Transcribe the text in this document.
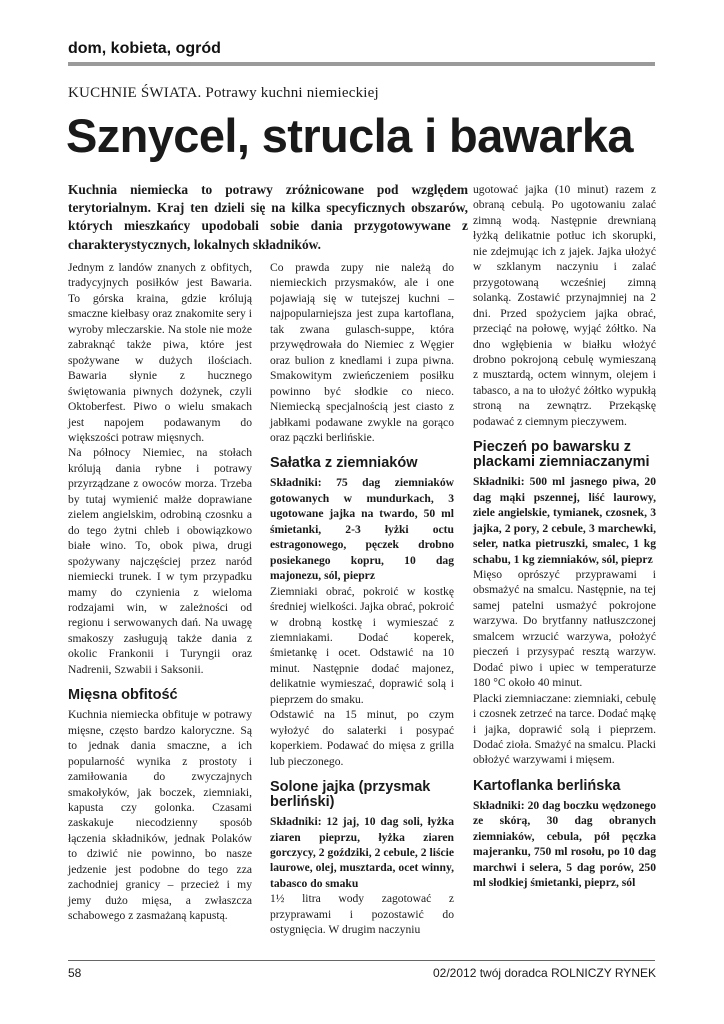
dom, kobieta, ogród
KUCHNIE ŚWIATA. Potrawy kuchni niemieckiej
Sznycel, strucla i bawarka
Kuchnia niemiecka to potrawy zróżnicowane pod względem terytorialnym. Kraj ten dzieli się na kilka specyficznych obszarów, których mieszkańcy upodobali sobie dania przygotowywane z charakterystycznych, lokalnych składników.

Jednym z landów znanych z obfitych, tradycyjnych posiłków jest Bawaria. To górska kraina, gdzie królują smaczne kiełbasy oraz znakomite sery i wyroby mleczarskie. Na stole nie może zabraknąć także piwa, które jest spożywane w dużych ilościach. Bawaria słynie z hucznego świętowania piwnych dożynek, czyli Oktoberfest. Piwo o wielu smakach jest napojem podawanym do większości potraw mięsnych.

Na północy Niemiec, na stołach królują dania rybne i potrawy przyrządzane z owoców morza. Trzeba by tutaj wymienić małże doprawiane zielem angielskim, odrobiną czosnku a do tego żytni chleb i obowiązkowo białe wino. To, obok piwa, drugi spożywany najczęściej przez naród niemiecki trunek. I w tym przypadku mamy do czynienia z wieloma rodzajami win, w zależności od regionu i serwowanych dań. Na uwagę smakoszy zasługują także dania z okolic Frankonii i Turyngii oraz Nadrenii, Szwabii i Saksonii.

Mięsna obfitość

Kuchnia niemiecka obfituje w potrawy mięsne, często bardzo kaloryczne. Są to jednak dania smaczne, a ich popularność wynika z prostoty i zamiłowania do zwyczajnych smakołyków, jak boczek, ziemniaki, kapusta czy golonka. Czasami zaskakuje niecodzienny sposób łączenia składników, jednak Polaków to dziwić nie powinno, bo nasze jedzenie jest podobne do tego zza zachodniej granicy – przecież i my jemy dużo mięsa, a zwłaszcza schabowego z zasmażaną kapustą.

Co prawda zupy nie należą do niemieckich przysmaków, ale i one pojawiają się w tutejszej kuchni – najpopularniejsza jest zupa kartoflana, tak zwana gulasch-suppe, która przywędrowała do Niemiec z Węgier oraz bulion z knedlami i zupa piwna. Smakowitym zwieńczeniem posiłku powinno być słodkie co nieco. Niemiecką specjalnością jest ciasto z jabłkami podawane zwykle na gorąco oraz pączki berlińskie.

Sałatka z ziemniaków

Składniki: 75 dag ziemniaków gotowanych w mundurkach, 3 ugotowane jajka na twardo, 50 ml śmietanki, 2-3 łyżki octu estragonowego, pęczek drobno posiekanego kopru, 10 dag majonezu, sól, pieprz

Ziemniaki obrać, pokroić w kostkę średniej wielkości. Jajka obrać, pokroić w drobną kostkę i wymieszać z ziemniakami. Dodać koperek, śmietankę i ocet. Odstawić na 10 minut. Następnie dodać majonez, delikatnie wymieszać, doprawić solą i pieprzem do smaku.

Odstawić na 15 minut, po czym wyłożyć do salaterki i posypać koperkiem. Podawać do mięsa z grilla lub pieczonego.

Solone jajka (przysmak berliński)

Składniki: 12 jaj, 10 dag soli, łyżka ziaren pieprzu, łyżka ziaren gorczycy, 2 goździki, 2 cebule, 2 liście laurowe, olej, musztarda, ocet winny, tabasco do smaku

1½ litra wody zagotować z przyprawami i pozostawić do ostygnięcia. W drugim naczyniu

ugotować jajka (10 minut) razem z obraną cebulą. Po ugotowaniu zalać zimną wodą. Następnie drewnianą łyżką delikatnie potłuc ich skorupki, nie zdejmując ich z jajek. Jajka ułożyć w szklanym naczyniu i zalać przygotowaną wcześniej zimną solanką. Zostawić przynajmniej na 2 dni. Przed spożyciem jajka obrać, przeciąć na połowę, wyjąć żółtko. Na dno wgłębienia w białku włożyć drobno pokrojoną cebulę wymieszaną z musztardą, octem winnym, olejem i tabasco, a na to ułożyć żółtko wypukłą stroną na zewnątrz. Przekąskę podawać z ciemnym pieczywem.

Pieczeń po bawarsku z plackami ziemniaczanymi

Składniki: 500 ml jasnego piwa, 20 dag mąki pszennej, liść laurowy, ziele angielskie, tymianek, czosnek, 3 jajka, 2 pory, 2 cebule, 3 marchewki, seler, natka pietruszki, smalec, 1 kg schabu, 1 kg ziemniaków, sól, pieprz

Mięso oprószyć przyprawami i obsmażyć na smalcu. Następnie, na tej samej patelni usmażyć pokrojone warzywa. Do brytfanny natłuszczonej smalcem wrzucić warzywa, położyć pieczeń i przysypać resztą warzyw. Dodać piwo i upiec w temperaturze 180 °C około 40 minut.

Placki ziemniaczane: ziemniaki, cebulę i czosnek zetrzeć na tarce. Dodać mąkę i jajka, doprawić solą i pieprzem. Dodać zioła. Smażyć na smalcu. Placki obłożyć warzywami i mięsem.

Kartoflanka berlińska

Składniki: 20 dag boczku wędzonego ze skórą, 30 dag obranych ziemniaków, cebula, pół pęczka majeranku, 750 ml rosołu, po 10 dag marchwi i selera, 5 dag porów, 250 ml słodkiej śmietanki, pieprz, sól

58	02/2012 twój doradca ROLNICZY RYNEK
